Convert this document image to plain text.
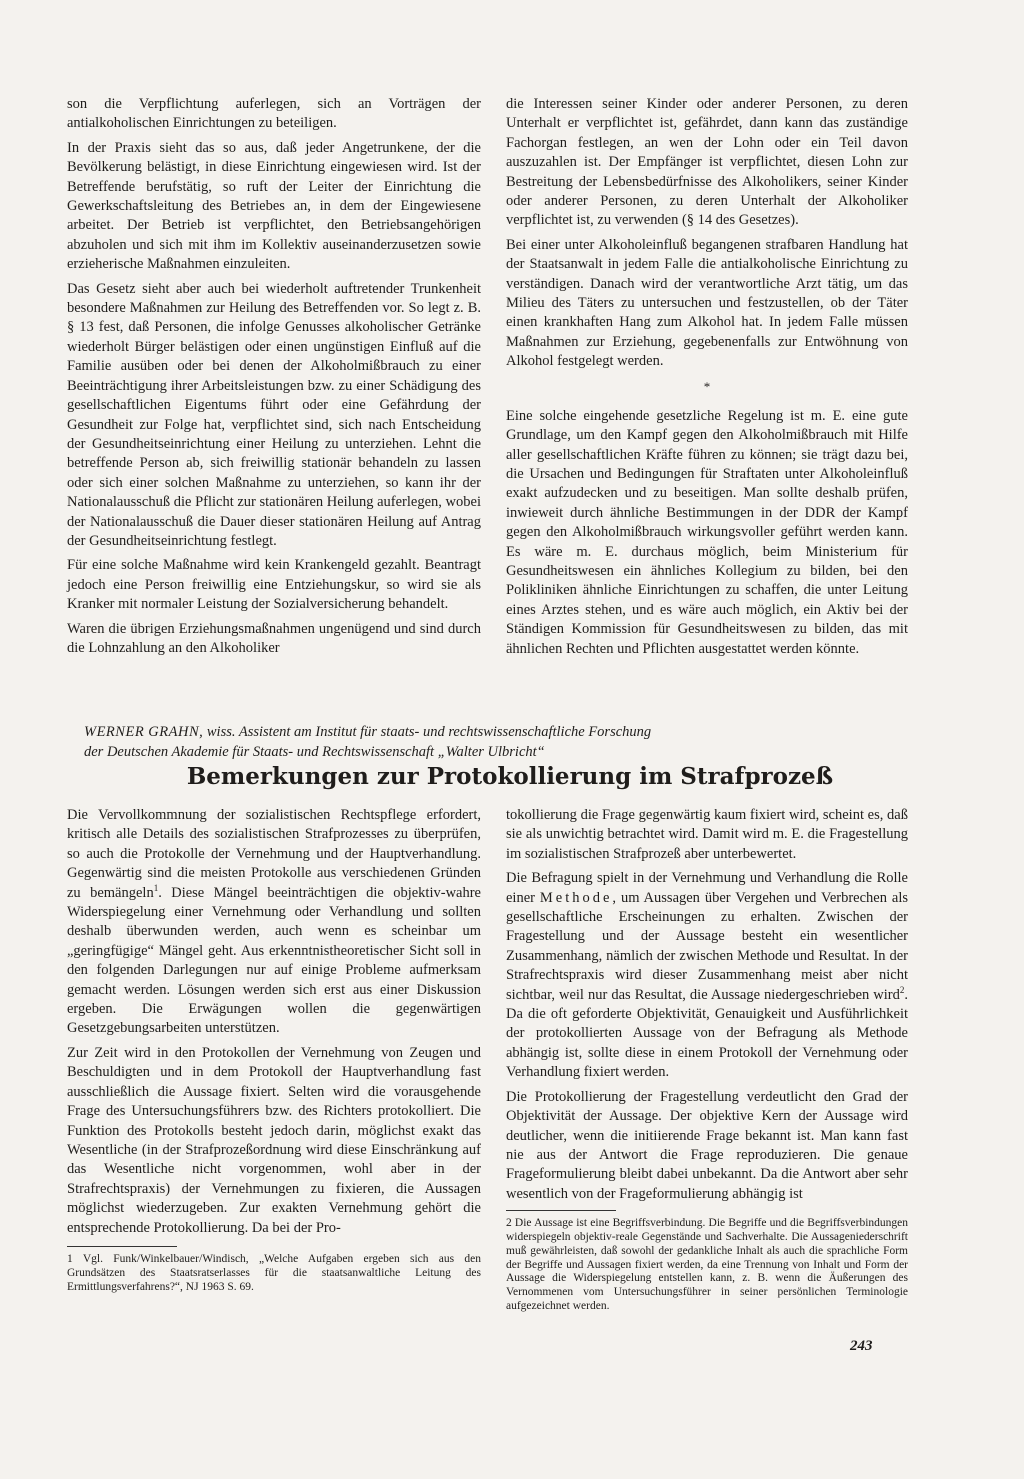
son die Verpflichtung auferlegen, sich an Vorträgen der antialkoholischen Einrichtungen zu beteiligen.

In der Praxis sieht das so aus, daß jeder Angetrunkene, der die Bevölkerung belästigt, in diese Einrichtung eingewiesen wird. Ist der Betreffende berufstätig, so ruft der Leiter der Einrichtung die Gewerkschaftsleitung des Betriebes an, in dem der Eingewiesene arbeitet. Der Betrieb ist verpflichtet, den Betriebsangehörigen abzuholen und sich mit ihm im Kollektiv auseinanderzusetzen sowie erzieherische Maßnahmen einzuleiten.

Das Gesetz sieht aber auch bei wiederholt auftretender Trunkenheit besondere Maßnahmen zur Heilung des Betreffenden vor. So legt z. B. § 13 fest, daß Personen, die infolge Genusses alkoholischer Getränke wiederholt Bürger belästigen oder einen ungünstigen Einfluß auf die Familie ausüben oder bei denen der Alkoholmißbrauch zu einer Beeinträchtigung ihrer Arbeitsleistungen bzw. zu einer Schädigung des gesellschaftlichen Eigentums führt oder eine Gefährdung der Gesundheit zur Folge hat, verpflichtet sind, sich nach Entscheidung der Gesundheitseinrichtung einer Heilung zu unterziehen. Lehnt die betreffende Person ab, sich freiwillig stationär behandeln zu lassen oder sich einer solchen Maßnahme zu unterziehen, so kann ihr der Nationalausschuß die Pflicht zur stationären Heilung auferlegen, wobei der Nationalausschuß die Dauer dieser stationären Heilung auf Antrag der Gesundheitseinrichtung festlegt.

Für eine solche Maßnahme wird kein Krankengeld gezahlt. Beantragt jedoch eine Person freiwillig eine Entziehungskur, so wird sie als Kranker mit normaler Leistung der Sozialversicherung behandelt.

Waren die übrigen Erziehungsmaßnahmen ungenügend und sind durch die Lohnzahlung an den Alkoholiker

die Interessen seiner Kinder oder anderer Personen, zu deren Unterhalt er verpflichtet ist, gefährdet, dann kann das zuständige Fachorgan festlegen, an wen der Lohn oder ein Teil davon auszuzahlen ist. Der Empfänger ist verpflichtet, diesen Lohn zur Bestreitung der Lebensbedürfnisse des Alkoholikers, seiner Kinder oder anderer Personen, zu deren Unterhalt der Alkoholiker verpflichtet ist, zu verwenden (§ 14 des Gesetzes).

Bei einer unter Alkoholeinfluß begangenen strafbaren Handlung hat der Staatsanwalt in jedem Falle die antialkoholische Einrichtung zu verständigen. Danach wird der verantwortliche Arzt tätig, um das Milieu des Täters zu untersuchen und festzustellen, ob der Täter einen krankhaften Hang zum Alkohol hat. In jedem Falle müssen Maßnahmen zur Erziehung, gegebenenfalls zur Entwöhnung von Alkohol festgelegt werden.

*

Eine solche eingehende gesetzliche Regelung ist m. E. eine gute Grundlage, um den Kampf gegen den Alkoholmißbrauch mit Hilfe aller gesellschaftlichen Kräfte führen zu können; sie trägt dazu bei, die Ursachen und Bedingungen für Straftaten unter Alkoholeinfluß exakt aufzudecken und zu beseitigen. Man sollte deshalb prüfen, inwieweit durch ähnliche Bestimmungen in der DDR der Kampf gegen den Alkoholmißbrauch wirkungsvoller geführt werden kann. Es wäre m. E. durchaus möglich, beim Ministerium für Gesundheitswesen ein ähnliches Kollegium zu bilden, bei den Polikliniken ähnliche Einrichtungen zu schaffen, die unter Leitung eines Arztes stehen, und es wäre auch möglich, ein Aktiv bei der Ständigen Kommission für Gesundheitswesen zu bilden, das mit ähnlichen Rechten und Pflichten ausgestattet werden könnte.

WERNER GRAHN, wiss. Assistent am Institut für staats- und rechtswissenschaftliche Forschung
der Deutschen Akademie für Staats- und Rechtswissenschaft „Walter Ulbricht“
Bemerkungen zur Protokollierung im Strafprozeß

Die Vervollkommnung der sozialistischen Rechtspflege erfordert, kritisch alle Details des sozialistischen Strafprozesses zu überprüfen, so auch die Protokolle der Vernehmung und der Hauptverhandlung. Gegenwärtig sind die meisten Protokolle aus verschiedenen Gründen zu bemängeln$^1$. Diese Mängel beeinträchtigen die objektiv-wahre Widerspiegelung einer Vernehmung oder Verhandlung und sollten deshalb überwunden werden, auch wenn es scheinbar um „geringfügige“ Mängel geht. Aus erkenntnistheoretischer Sicht soll in den folgenden Darlegungen nur auf einige Probleme aufmerksam gemacht werden. Lösungen werden sich erst aus einer Diskussion ergeben. Die Erwägungen wollen die gegenwärtigen Gesetzgebungsarbeiten unterstützen.

Zur Zeit wird in den Protokollen der Vernehmung von Zeugen und Beschuldigten und in dem Protokoll der Hauptverhandlung fast ausschließlich die Aussage fixiert. Selten wird die vorausgehende Frage des Untersuchungsführers bzw. des Richters protokolliert. Die Funktion des Protokolls besteht jedoch darin, möglichst exakt das Wesentliche (in der Strafprozeßordnung wird diese Einschränkung auf das Wesentliche nicht vorgenommen, wohl aber in der Strafrechtspraxis) der Vernehmungen zu fixieren, die Aussagen möglichst wiederzugeben. Zur exakten Vernehmung gehört die entsprechende Protokollierung. Da bei der Pro-

1 Vgl. Funk/Winkelbauer/Windisch, „Welche Aufgaben ergeben sich aus den Grundsätzen des Staatsratserlasses für die staatsanwaltliche Leitung des Ermittlungsverfahrens?“, NJ 1963 S. 69.

tokollierung die Frage gegenwärtig kaum fixiert wird, scheint es, daß sie als unwichtig betrachtet wird. Damit wird m. E. die Fragestellung im sozialistischen Strafprozeß aber unterbewertet.

Die Befragung spielt in der Vernehmung und Verhandlung die Rolle einer Methode, um Aussagen über Vergehen und Verbrechen als gesellschaftliche Erscheinungen zu erhalten. Zwischen der Fragestellung und der Aussage besteht ein wesentlicher Zusammenhang, nämlich der zwischen Methode und Resultat. In der Strafrechtspraxis wird dieser Zusammenhang meist aber nicht sichtbar, weil nur das Resultat, die Aussage niedergeschrieben wird$^2$. Da die oft geforderte Objektivität, Genauigkeit und Ausführlichkeit der protokollierten Aussage von der Befragung als Methode abhängig ist, sollte diese in einem Protokoll der Vernehmung oder Verhandlung fixiert werden.

Die Protokollierung der Fragestellung verdeutlicht den Grad der Objektivität der Aussage. Der objektive Kern der Aussage wird deutlicher, wenn die initiierende Frage bekannt ist. Man kann fast nie aus der Antwort die Frage reproduzieren. Die genaue Frageformulierung bleibt dabei unbekannt. Da die Antwort aber sehr wesentlich von der Frageformulierung abhängig ist

2 Die Aussage ist eine Begriffsverbindung. Die Begriffe und die Begriffsverbindungen widerspiegeln objektiv-reale Gegenstände und Sachverhalte. Die Aussageniederschrift muß gewährleisten, daß sowohl der gedankliche Inhalt als auch die sprachliche Form der Begriffe und Aussagen fixiert werden, da eine Trennung von Inhalt und Form der Aussage die Widerspiegelung entstellen kann, z. B. wenn die Äußerungen des Vernommenen vom Untersuchungsführer in seiner persönlichen Terminologie aufgezeichnet werden.

243
